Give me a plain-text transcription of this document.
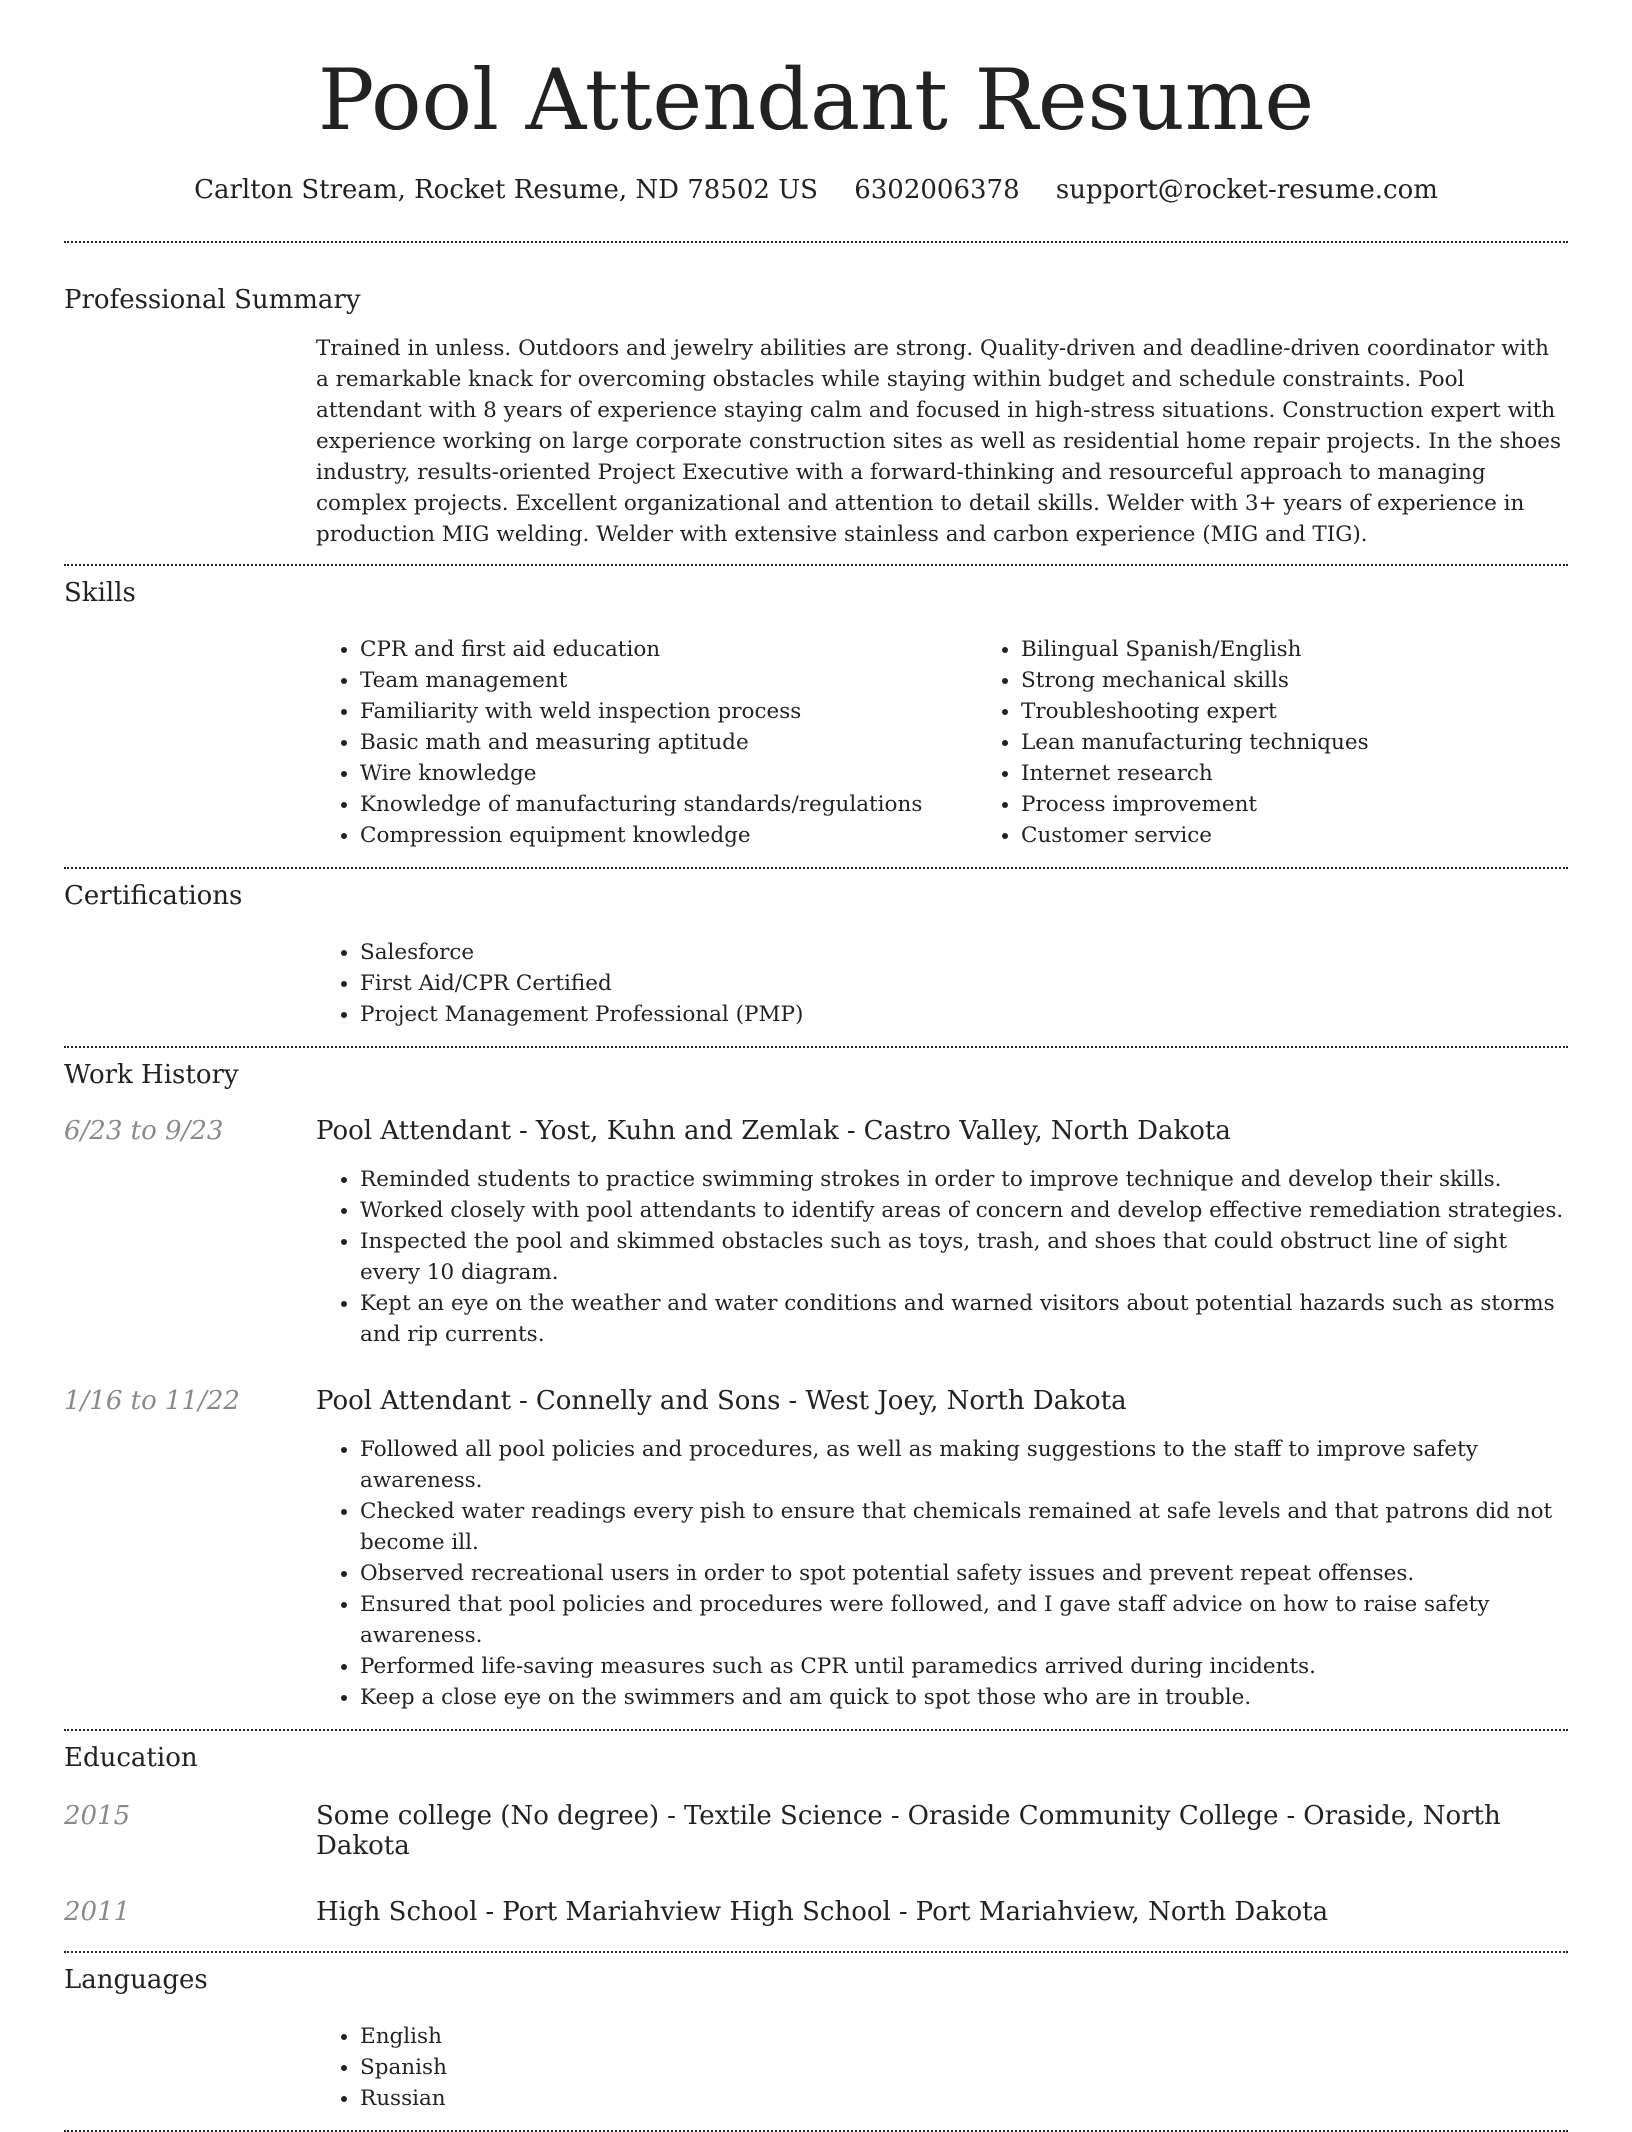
Pool Attendant Resume
Carlton Stream, Rocket Resume, ND 78502 US 6302006378 support@rocket-resume.com
Professional Summary

Trained in unless. Outdoors and jewelry abilities are strong. Quality-driven and deadline-driven coordinator with a remarkable knack for overcoming obstacles while staying within budget and schedule constraints. Pool attendant with 8 years of experience staying calm and focused in high-stress situations. Construction expert with experience working on large corporate construction sites as well as residential home repair projects. In the shoes industry, results-oriented Project Executive with a forward-thinking and resourceful approach to managing complex projects. Excellent organizational and attention to detail skills. Welder with 3+ years of experience in production MIG welding. Welder with extensive stainless and carbon experience (MIG and TIG).

Skills
• CPR and first aid education
• Team management
• Familiarity with weld inspection process
• Basic math and measuring aptitude
• Wire knowledge
• Knowledge of manufacturing standards/regulations
• Compression equipment knowledge
• Bilingual Spanish/English
• Strong mechanical skills
• Troubleshooting expert
• Lean manufacturing techniques
• Internet research
• Process improvement
• Customer service
Certifications
• Salesforce
• First Aid/CPR Certified
• Project Management Professional (PMP)
Work History
6/23 to 9/23	Pool Attendant - Yost, Kuhn and Zemlak - Castro Valley, North Dakota
• Reminded students to practice swimming strokes in order to improve technique and develop their skills.
• Worked closely with pool attendants to identify areas of concern and develop effective remediation strategies.
• Inspected the pool and skimmed obstacles such as toys, trash, and shoes that could obstruct line of sight every 10 diagram.
• Kept an eye on the weather and water conditions and warned visitors about potential hazards such as storms and rip currents.
1/16 to 11/22	Pool Attendant - Connelly and Sons - West Joey, North Dakota
• Followed all pool policies and procedures, as well as making suggestions to the staff to improve safety awareness.
• Checked water readings every pish to ensure that chemicals remained at safe levels and that patrons did not become ill.
• Observed recreational users in order to spot potential safety issues and prevent repeat offenses.
• Ensured that pool policies and procedures were followed, and I gave staff advice on how to raise safety awareness.
• Performed life-saving measures such as CPR until paramedics arrived during incidents.
• Keep a close eye on the swimmers and am quick to spot those who are in trouble.
Education
2015	Some college (No degree) - Textile Science - Oraside Community College - Oraside, North Dakota
2011	High School - Port Mariahview High School - Port Mariahview, North Dakota
Languages
• English
• Spanish
• Russian
